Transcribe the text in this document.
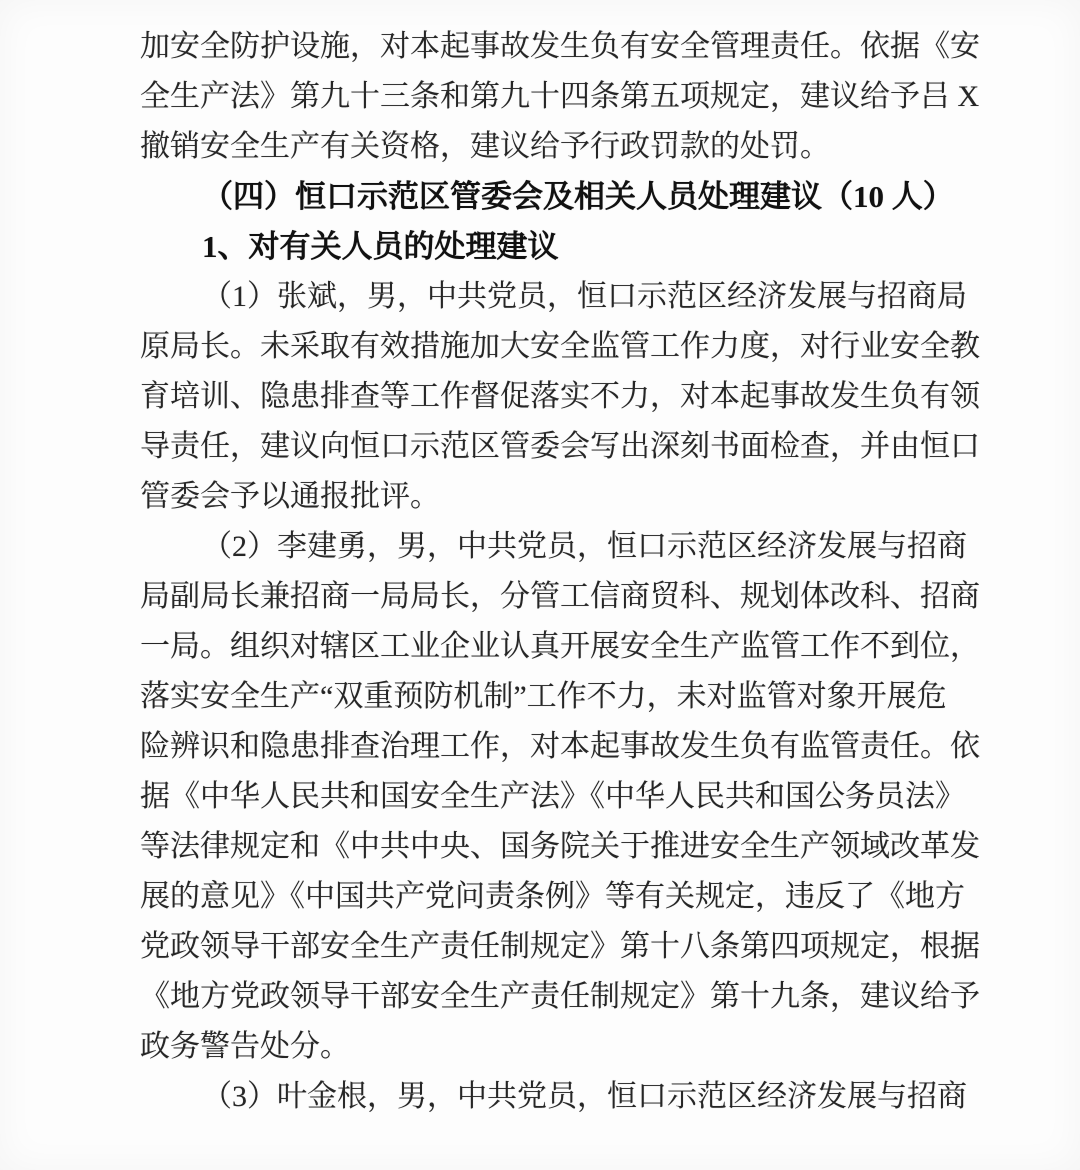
加安全防护设施，对本起事故发生负有安全管理责任。依据《安
全生产法》第九十三条和第九十四条第五项规定，建议给予吕 X
撤销安全生产有关资格，建议给予行政罚款的处罚。
（四）恒口示范区管委会及相关人员处理建议（10 人）
1、对有关人员的处理建议
（1）张斌，男，中共党员，恒口示范区经济发展与招商局
原局长。未采取有效措施加大安全监管工作力度，对行业安全教
育培训、隐患排查等工作督促落实不力，对本起事故发生负有领
导责任，建议向恒口示范区管委会写出深刻书面检查，并由恒口
管委会予以通报批评。
（2）李建勇，男，中共党员，恒口示范区经济发展与招商
局副局长兼招商一局局长，分管工信商贸科、规划体改科、招商
一局。组织对辖区工业企业认真开展安全生产监管工作不到位，
落实安全生产“双重预防机制”工作不力，未对监管对象开展危
险辨识和隐患排查治理工作，对本起事故发生负有监管责任。依
据《中华人民共和国安全生产法》《中华人民共和国公务员法》
等法律规定和《中共中央、国务院关于推进安全生产领域改革发
展的意见》《中国共产党问责条例》等有关规定，违反了《地方
党政领导干部安全生产责任制规定》第十八条第四项规定，根据
《地方党政领导干部安全生产责任制规定》第十九条，建议给予
政务警告处分。
（3）叶金根，男，中共党员，恒口示范区经济发展与招商
